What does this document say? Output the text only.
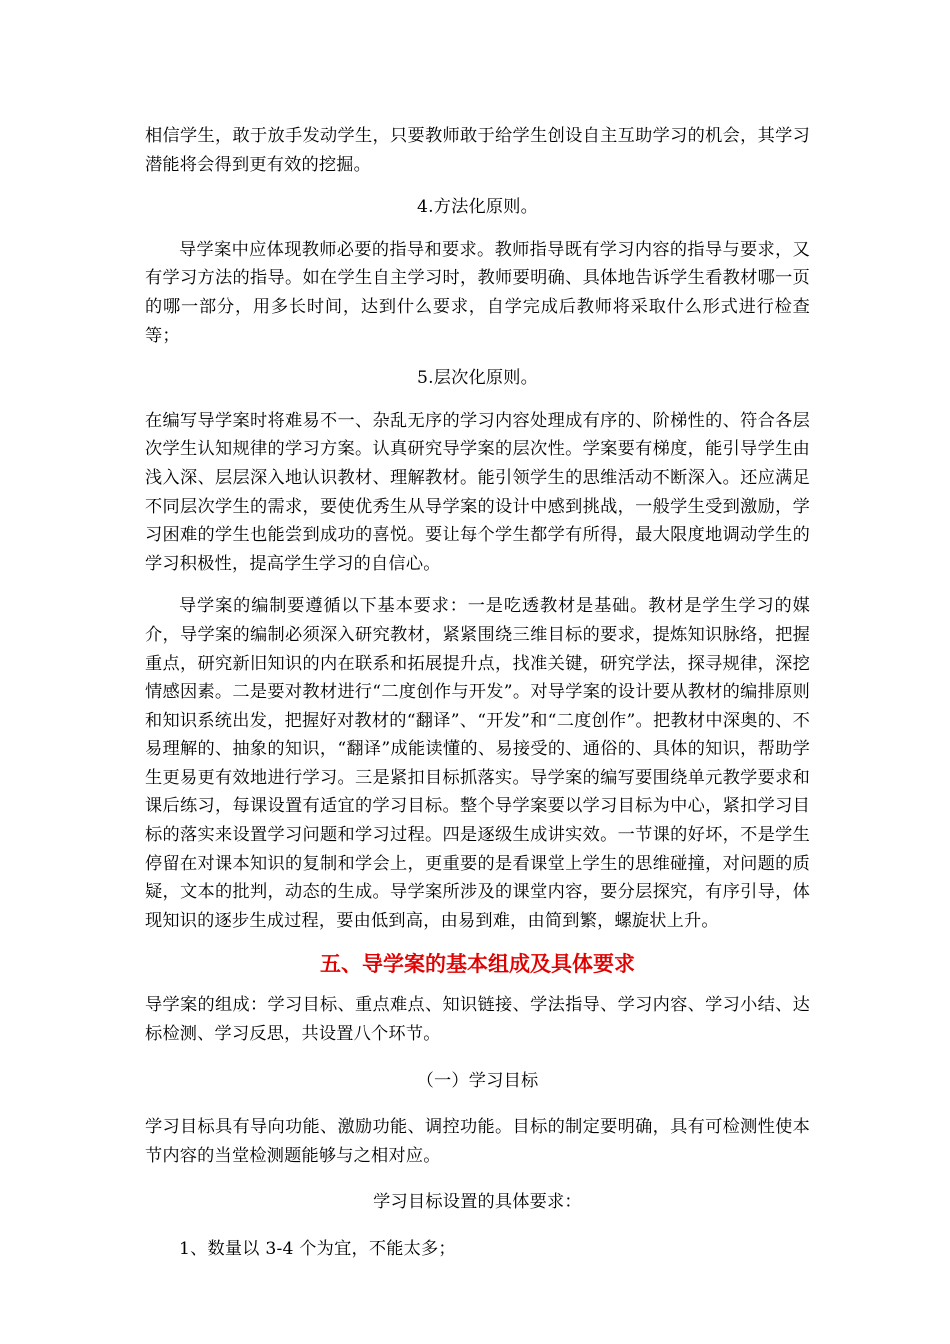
相信学生，敢于放手发动学生，只要教师敢于给学生创设自主互助学习的机会，其学习潜能将会得到更有效的挖掘。

4.方法化原则。

导学案中应体现教师必要的指导和要求。教师指导既有学习内容的指导与要求，又有学习方法的指导。如在学生自主学习时，教师要明确、具体地告诉学生看教材哪一页的哪一部分，用多长时间，达到什么要求，自学完成后教师将采取什么形式进行检查等；

5.层次化原则。

在编写导学案时将难易不一、杂乱无序的学习内容处理成有序的、阶梯性的、符合各层次学生认知规律的学习方案。认真研究导学案的层次性。学案要有梯度，能引导学生由浅入深、层层深入地认识教材、理解教材。能引领学生的思维活动不断深入。还应满足不同层次学生的需求，要使优秀生从导学案的设计中感到挑战，一般学生受到激励，学习困难的学生也能尝到成功的喜悦。要让每个学生都学有所得，最大限度地调动学生的学习积极性，提高学生学习的自信心。

导学案的编制要遵循以下基本要求：一是吃透教材是基础。教材是学生学习的媒介，导学案的编制必须深入研究教材，紧紧围绕三维目标的要求，提炼知识脉络，把握重点，研究新旧知识的内在联系和拓展提升点，找准关键，研究学法，探寻规律，深挖情感因素。二是要对教材进行“二度创作与开发”。对导学案的设计要从教材的编排原则和知识系统出发，把握好对教材的“翻译”、“开发”和“二度创作”。把教材中深奥的、不易理解的、抽象的知识，“翻译”成能读懂的、易接受的、通俗的、具体的知识，帮助学生更易更有效地进行学习。三是紧扣目标抓落实。导学案的编写要围绕单元教学要求和课后练习，每课设置有适宜的学习目标。整个导学案要以学习目标为中心，紧扣学习目标的落实来设置学习问题和学习过程。四是逐级生成讲实效。一节课的好坏，不是学生停留在对课本知识的复制和学会上，更重要的是看课堂上学生的思维碰撞，对问题的质疑，文本的批判，动态的生成。导学案所涉及的课堂内容，要分层探究，有序引导，体现知识的逐步生成过程，要由低到高，由易到难，由简到繁，螺旋状上升。

五、导学案的基本组成及具体要求

导学案的组成：学习目标、重点难点、知识链接、学法指导、学习内容、学习小结、达标检测、学习反思，共设置八个环节。

（一）学习目标

学习目标具有导向功能、激励功能、调控功能。目标的制定要明确，具有可检测性使本节内容的当堂检测题能够与之相对应。

学习目标设置的具体要求：

1、数量以 3-4 个为宜，不能太多；
